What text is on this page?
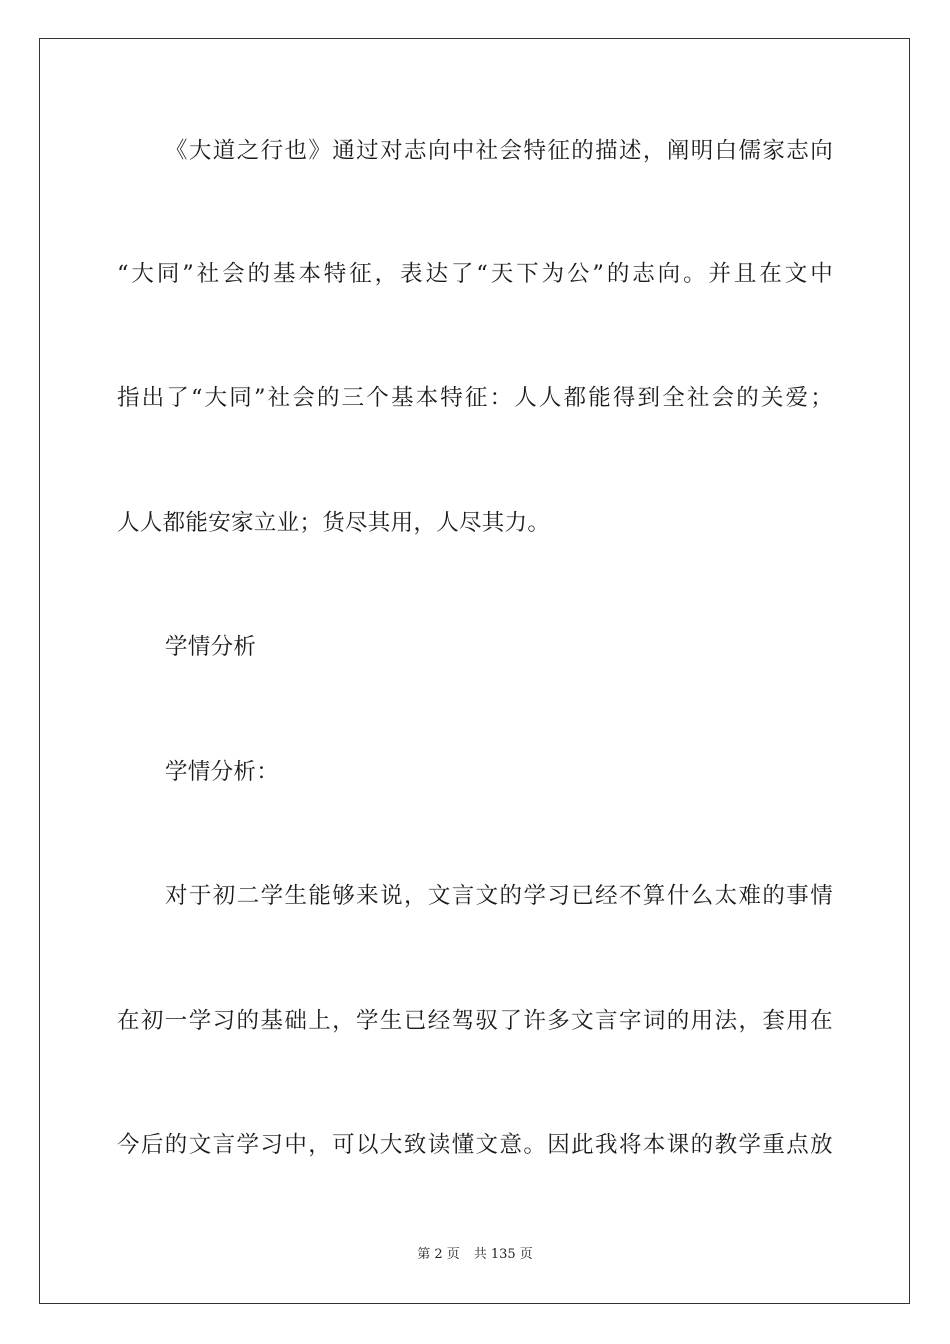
《大道之行也》通过对志向中社会特征的描述，阐明白儒家志向
“大同”社会的基本特征，表达了“天下为公”的志向。并且在文中
指出了“大同”社会的三个基本特征：人人都能得到全社会的关爱；
人人都能安家立业；货尽其用，人尽其力。
学情分析
学情分析：
对于初二学生能够来说，文言文的学习已经不算什么太难的事情
在初一学习的基础上，学生已经驾驭了许多文言字词的用法，套用在
今后的文言学习中，可以大致读懂文意。因此我将本课的教学重点放
第 2 页 共 135 页
